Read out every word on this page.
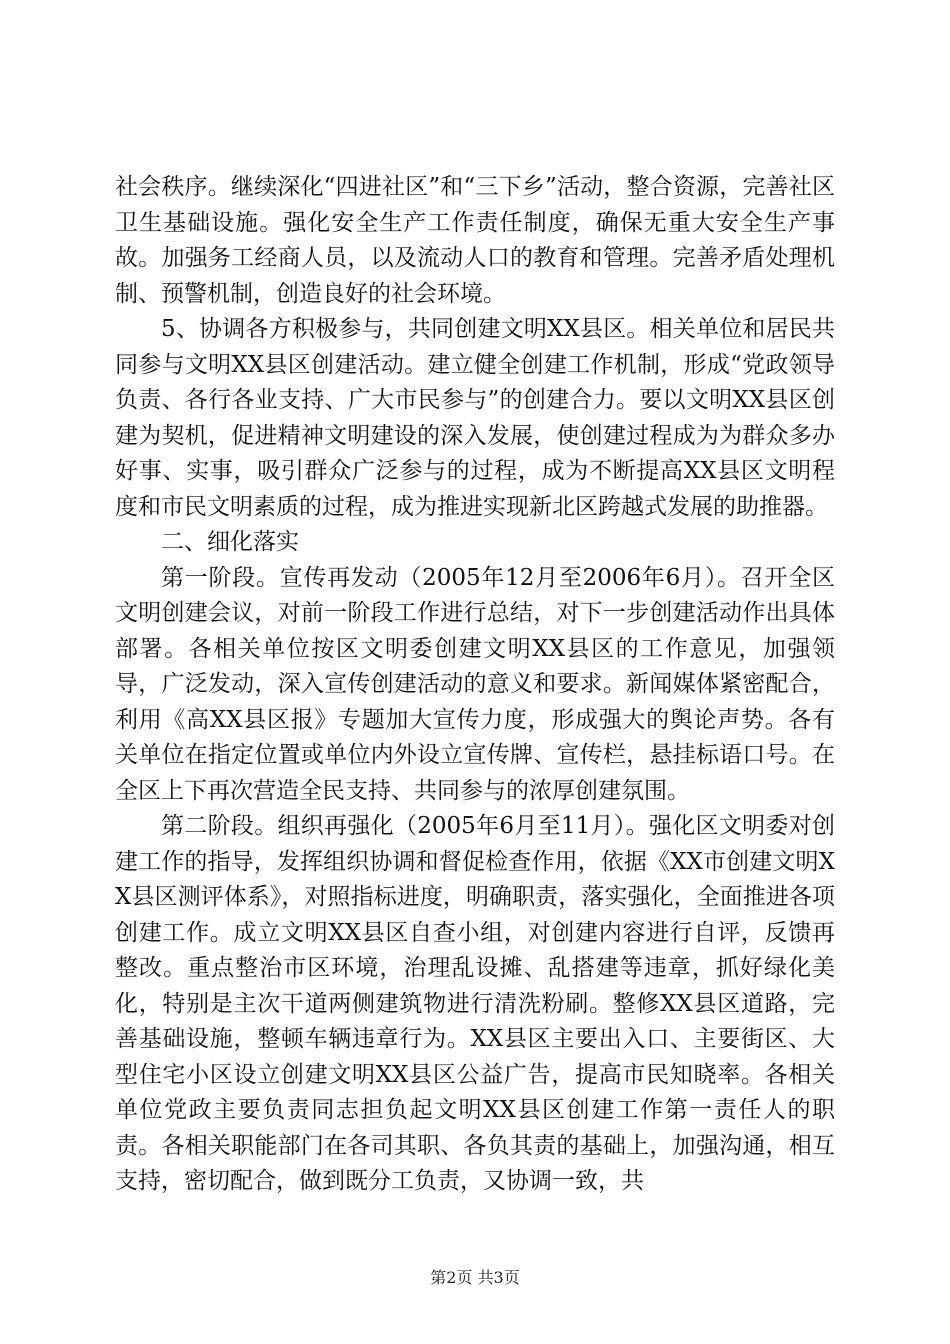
社会秩序。继续深化“四进社区”和“三下乡”活动，整合资源，完善社区卫生基础设施。强化安全生产工作责任制度，确保无重大安全生产事故。加强务工经商人员，以及流动人口的教育和管理。完善矛盾处理机制、预警机制，创造良好的社会环境。

5、协调各方积极参与，共同创建文明XX县区。相关单位和居民共同参与文明XX县区创建活动。建立健全创建工作机制，形成“党政领导负责、各行各业支持、广大市民参与”的创建合力。要以文明XX县区创建为契机，促进精神文明建设的深入发展，使创建过程成为为群众多办好事、实事，吸引群众广泛参与的过程，成为不断提高XX县区文明程度和市民文明素质的过程，成为推进实现新北区跨越式发展的助推器。

二、细化落实

第一阶段。宣传再发动（2005年12月至2006年6月）。召开全区文明创建会议，对前一阶段工作进行总结，对下一步创建活动作出具体部署。各相关单位按区文明委创建文明XX县区的工作意见，加强领导，广泛发动，深入宣传创建活动的意义和要求。新闻媒体紧密配合，利用《高XX县区报》专题加大宣传力度，形成强大的舆论声势。各有关单位在指定位置或单位内外设立宣传牌、宣传栏，悬挂标语口号。在全区上下再次营造全民支持、共同参与的浓厚创建氛围。

第二阶段。组织再强化（2005年6月至11月）。强化区文明委对创建工作的指导，发挥组织协调和督促检查作用，依据《XX市创建文明XX县区测评体系》，对照指标进度，明确职责，落实强化，全面推进各项创建工作。成立文明XX县区自查小组，对创建内容进行自评，反馈再整改。重点整治市区环境，治理乱设摊、乱搭建等违章，抓好绿化美化，特别是主次干道两侧建筑物进行清洗粉刷。整修XX县区道路，完善基础设施，整顿车辆违章行为。XX县区主要出入口、主要街区、大型住宅小区设立创建文明XX县区公益广告，提高市民知晓率。各相关单位党政主要负责同志担负起文明XX县区创建工作第一责任人的职责。各相关职能部门在各司其职、各负其责的基础上，加强沟通，相互支持，密切配合，做到既分工负责，又协调一致，共

第2页 共3页
